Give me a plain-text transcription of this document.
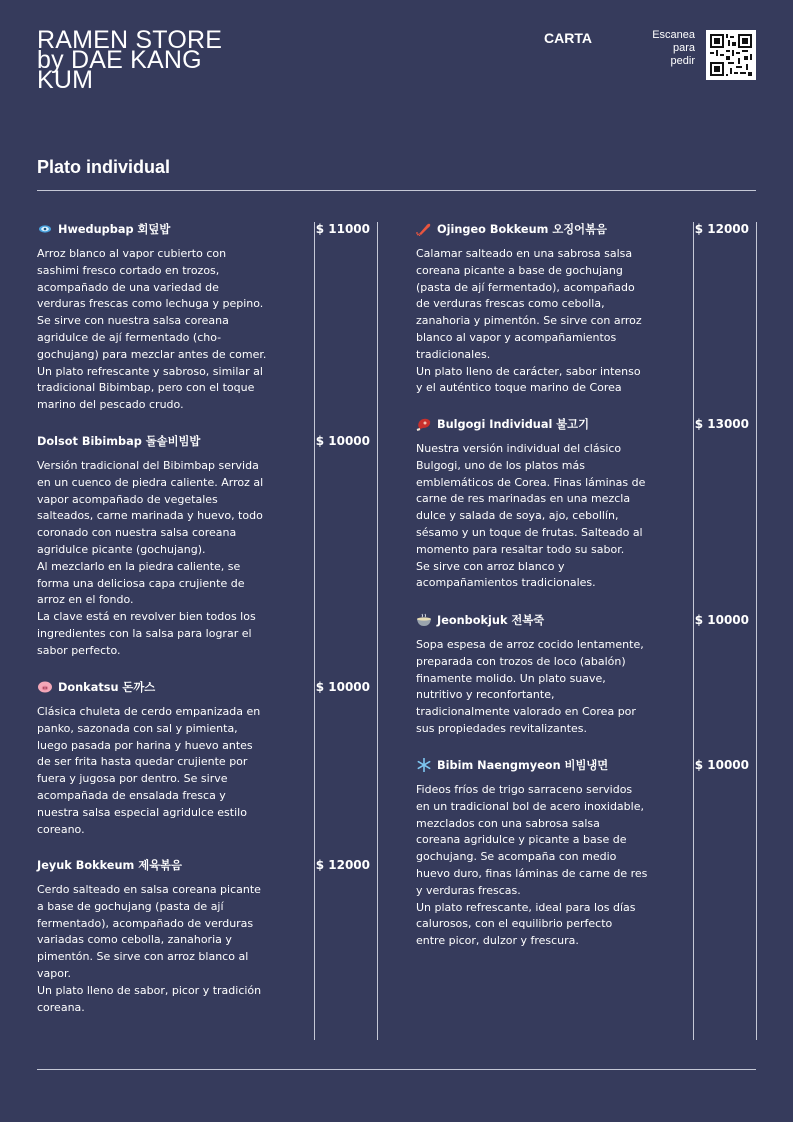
RAMEN STORE
by DAE KANG
KUM
CARTA	Escanea
para
pedir
Plato individual
Hwedupbap 회덮밥
Arroz blanco al vapor cubierto con
sashimi fresco cortado en trozos,
acompañado de una variedad de
verduras frescas como lechuga y pepino.
Se sirve con nuestra salsa coreana
agridulce de ají fermentado (cho-
gochujang) para mezclar antes de comer.
Un plato refrescante y sabroso, similar al
tradicional Bibimbap, pero con el toque
marino del pescado crudo.
$ 11000
Dolsot Bibimbap 돌솥비빔밥
Versión tradicional del Bibimbap servida
en un cuenco de piedra caliente. Arroz al
vapor acompañado de vegetales
salteados, carne marinada y huevo, todo
coronado con nuestra salsa coreana
agridulce picante (gochujang).
Al mezclarlo en la piedra caliente, se
forma una deliciosa capa crujiente de
arroz en el fondo.
La clave está en revolver bien todos los
ingredientes con la salsa para lograr el
sabor perfecto.
$ 10000
Donkatsu 돈까스
Clásica chuleta de cerdo empanizada en
panko, sazonada con sal y pimienta,
luego pasada por harina y huevo antes
de ser frita hasta quedar crujiente por
fuera y jugosa por dentro. Se sirve
acompañada de ensalada fresca y
nuestra salsa especial agridulce estilo
coreano.
$ 10000
Jeyuk Bokkeum 제육볶음
Cerdo salteado en salsa coreana picante
a base de gochujang (pasta de ají
fermentado), acompañado de verduras
variadas como cebolla, zanahoria y
pimentón. Se sirve con arroz blanco al
vapor.
Un plato lleno de sabor, picor y tradición
coreana.
$ 12000
Ojingeo Bokkeum 오징어볶음
Calamar salteado en una sabrosa salsa
coreana picante a base de gochujang
(pasta de ají fermentado), acompañado
de verduras frescas como cebolla,
zanahoria y pimentón. Se sirve con arroz
blanco al vapor y acompañamientos
tradicionales.
Un plato lleno de carácter, sabor intenso
y el auténtico toque marino de Corea
$ 12000
Bulgogi Individual 불고기
Nuestra versión individual del clásico
Bulgogi, uno de los platos más
emblemáticos de Corea. Finas láminas de
carne de res marinadas en una mezcla
dulce y salada de soya, ajo, cebollín,
sésamo y un toque de frutas. Salteado al
momento para resaltar todo su sabor.
Se sirve con arroz blanco y
acompañamientos tradicionales.
$ 13000
Jeonbokjuk 전복죽
Sopa espesa de arroz cocido lentamente,
preparada con trozos de loco (abalón)
finamente molido. Un plato suave,
nutritivo y reconfortante,
tradicionalmente valorado en Corea por
sus propiedades revitalizantes.
$ 10000
Bibim Naengmyeon 비빔냉면
Fideos fríos de trigo sarraceno servidos
en un tradicional bol de acero inoxidable,
mezclados con una sabrosa salsa
coreana agridulce y picante a base de
gochujang. Se acompaña con medio
huevo duro, finas láminas de carne de res
y verduras frescas.
Un plato refrescante, ideal para los días
calurosos, con el equilibrio perfecto
entre picor, dulzor y frescura.
$ 10000
